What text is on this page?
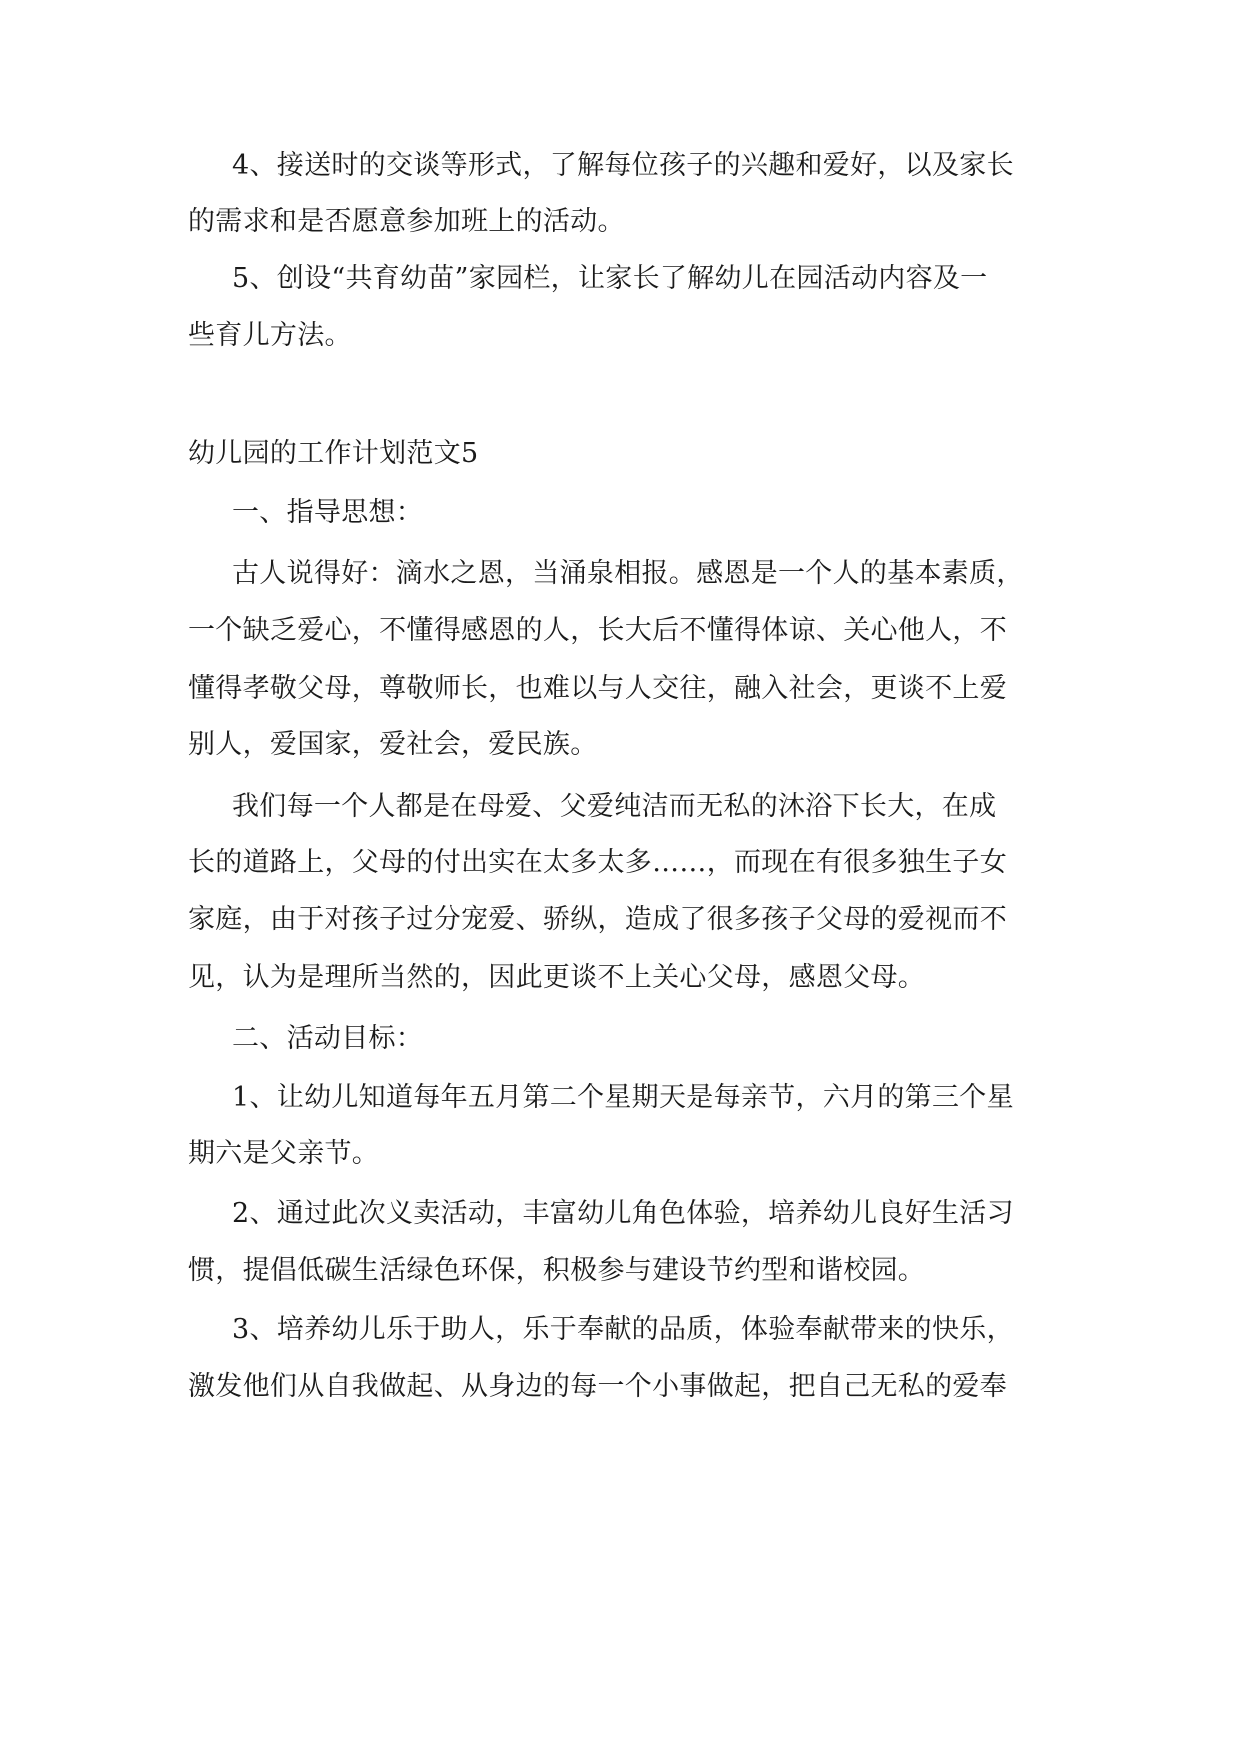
4、接送时的交谈等形式，了解每位孩子的兴趣和爱好，以及家长
的需求和是否愿意参加班上的活动。
5、创设“共育幼苗”家园栏，让家长了解幼儿在园活动内容及一
些育儿方法。
幼儿园的工作计划范文5
一、指导思想：
古人说得好：滴水之恩，当涌泉相报。感恩是一个人的基本素质，
一个缺乏爱心，不懂得感恩的人，长大后不懂得体谅、关心他人，不
懂得孝敬父母，尊敬师长，也难以与人交往，融入社会，更谈不上爱
别人，爱国家，爱社会，爱民族。
我们每一个人都是在母爱、父爱纯洁而无私的沐浴下长大，在成
长的道路上，父母的付出实在太多太多……，而现在有很多独生子女
家庭，由于对孩子过分宠爱、骄纵，造成了很多孩子父母的爱视而不
见，认为是理所当然的，因此更谈不上关心父母，感恩父母。
二、活动目标：
1、让幼儿知道每年五月第二个星期天是每亲节，六月的第三个星
期六是父亲节。
2、通过此次义卖活动，丰富幼儿角色体验，培养幼儿良好生活习
惯，提倡低碳生活绿色环保，积极参与建设节约型和谐校园。
3、培养幼儿乐于助人，乐于奉献的品质，体验奉献带来的快乐，
激发他们从自我做起、从身边的每一个小事做起，把自己无私的爱奉
